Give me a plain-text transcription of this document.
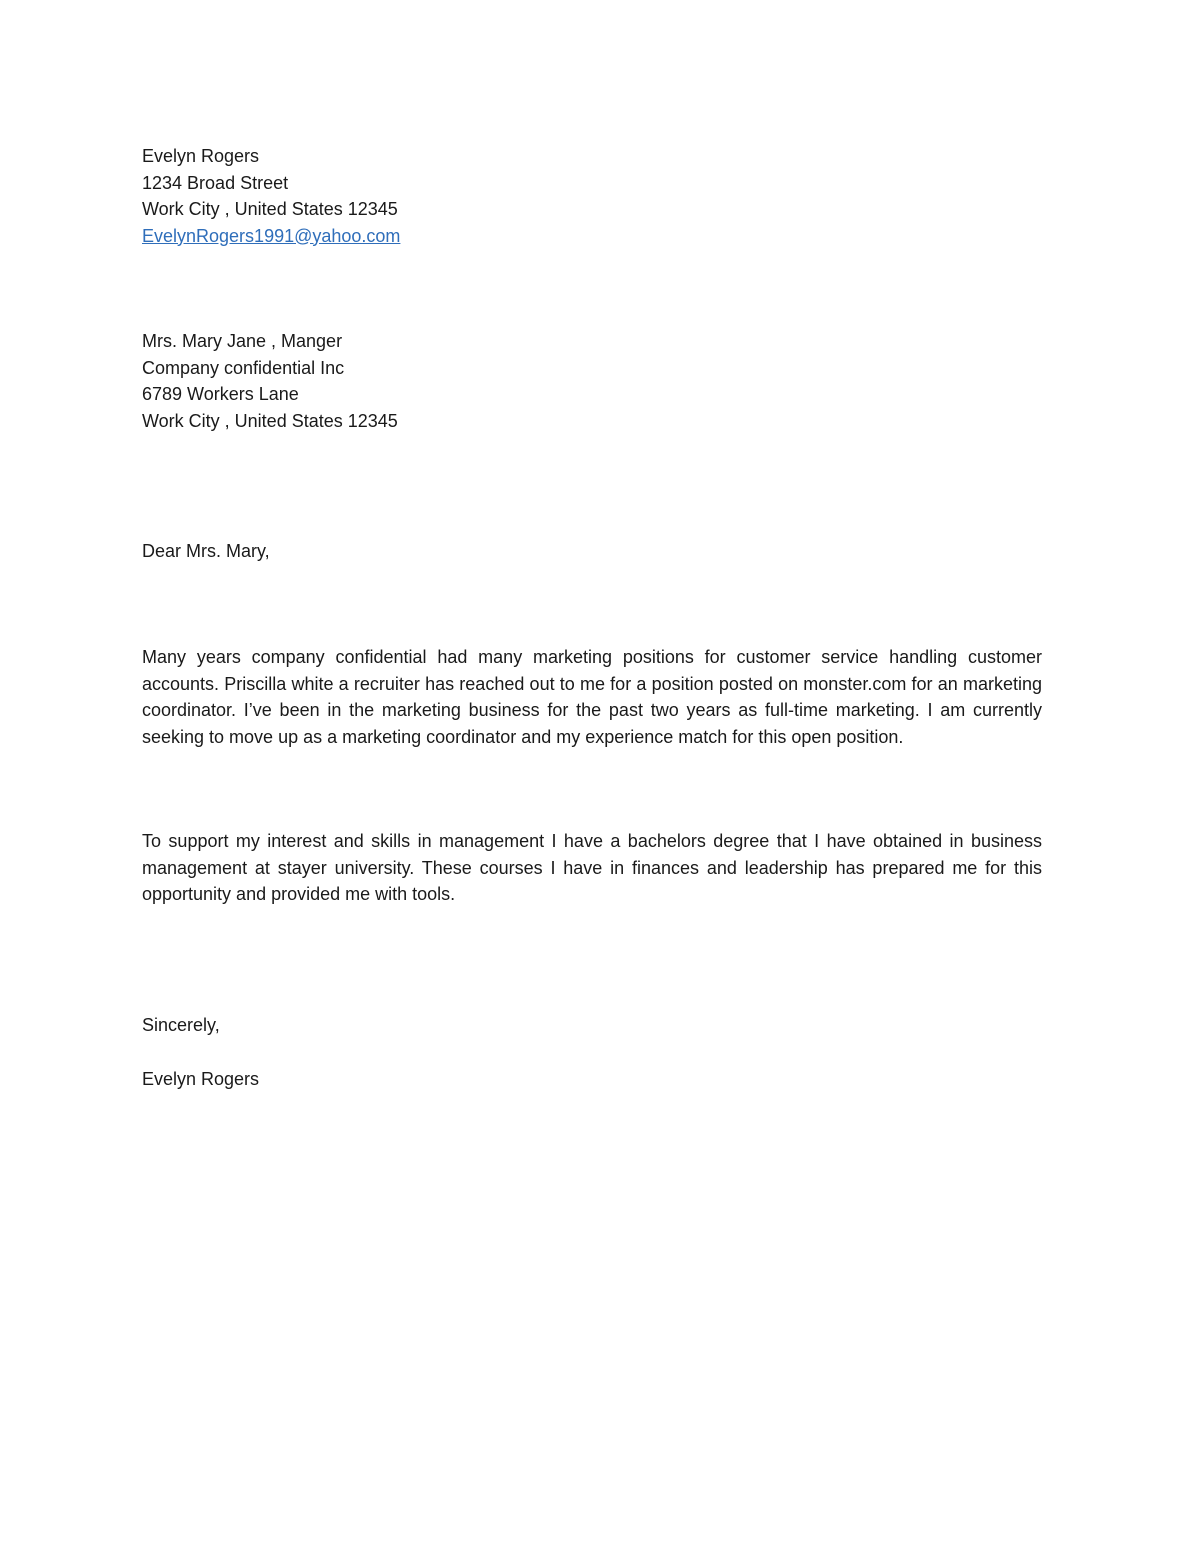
Evelyn Rogers
1234 Broad Street
Work City , United States 12345
EvelynRogers1991@yahoo.com
Mrs. Mary Jane , Manger
Company confidential Inc
6789 Workers Lane
Work City , United States 12345
Dear Mrs. Mary,

Many years company confidential had many marketing positions for customer service handling customer accounts. Priscilla white a recruiter has reached out to me for a position posted on monster.com for an marketing coordinator. I’ve been in the marketing business for the past two years as full-time marketing. I am currently seeking to move up as a marketing coordinator and my experience match for this open position.

To support my interest and skills in management I have a bachelors degree that I have obtained in business management at stayer university. These courses I have in finances and leadership has prepared me for this opportunity and provided me with tools.

Sincerely,
Evelyn Rogers
